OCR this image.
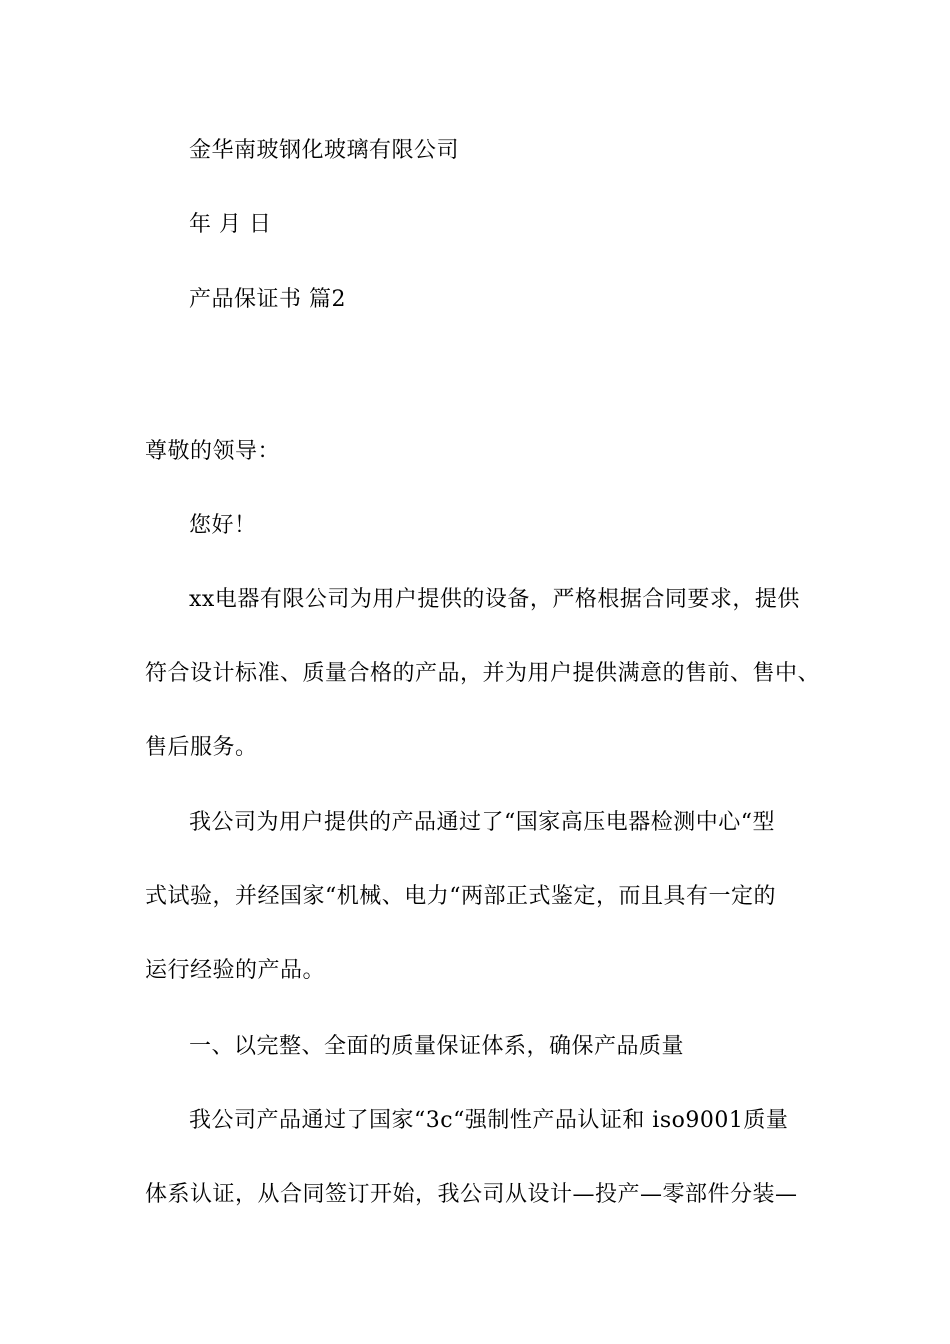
金华南玻钢化玻璃有限公司
年 月 日
产品保证书 篇2
尊敬的领导：
您好！
xx电器有限公司为用户提供的设备，严格根据合同要求，提供
符合设计标准、质量合格的产品，并为用户提供满意的售前、售中、
售后服务。
我公司为用户提供的产品通过了“国家高压电器检测中心“型
式试验，并经国家“机械、电力“两部正式鉴定，而且具有一定的
运行经验的产品。
一、以完整、全面的质量保证体系，确保产品质量
我公司产品通过了国家“3c“强制性产品认证和 iso9001质量
体系认证，从合同签订开始，我公司从设计—投产—零部件分装—
